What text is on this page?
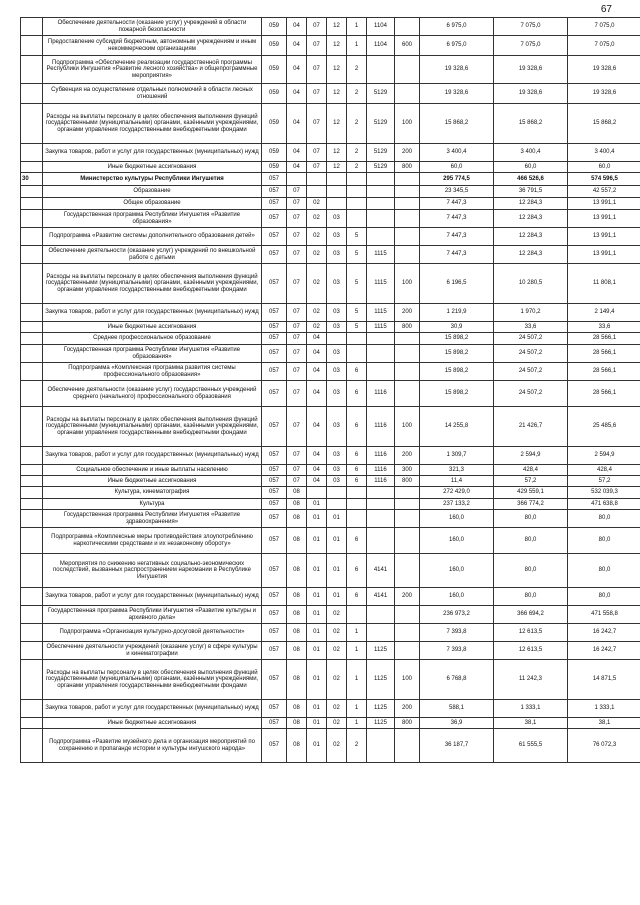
67
	Обеспечение деятельности (оказание услуг) учреждений в области пожарной безопасности	059	04	07	12	1	1104		6 975,0	7 075,0	7 075,0
	Предоставление субсидий бюджетным, автономным учреждениям и иным некоммерческим организациям	059	04	07	12	1	1104	600	6 975,0	7 075,0	7 075,0
	Подпрограмма «Обеспечение реализации государственной программы Республики Ингушетия «Развитие лесного хозяйства» и общепрограммные мероприятия»	059	04	07	12	2			19 328,6	19 328,6	19 328,6
	Субвенция на осуществление отдельных полномочий в области лесных отношений	059	04	07	12	2	5129		19 328,6	19 328,6	19 328,6
	Расходы на выплаты персоналу в целях обеспечения выполнения функций государственными (муниципальными) органами, казёнными учреждениями, органами управления государственными внебюджетными фондами	059	04	07	12	2	5129	100	15 868,2	15 868,2	15 868,2
	Закупка товаров, работ и услуг для государственных (муниципальных) нужд	059	04	07	12	2	5129	200	3 400,4	3 400,4	3 400,4
	Иные бюджетные ассигнования	059	04	07	12	2	5129	800	60,0	60,0	60,0
30	Министерство культуры Республики Ингушетия	057							295 774,5	466 526,6	574 596,5
	Образование	057	07						23 345,5	36 791,5	42 557,2
	Общее образование	057	07	02					7 447,3	12 284,3	13 991,1
	Государственная программа Республики Ингушетия «Развитие образования»	057	07	02	03				7 447,3	12 284,3	13 991,1
	Подпрограмма «Развитие системы дополнительного образования детей»	057	07	02	03	5			7 447,3	12 284,3	13 991,1
	Обеспечение деятельности (оказание услуг) учреждений по внешкольной работе с детьми	057	07	02	03	5	1115		7 447,3	12 284,3	13 991,1
	Расходы на выплаты персоналу в целях обеспечения выполнения функций государственными (муниципальными) органами, казёнными учреждениями, органами управления государственными внебюджетными фондами	057	07	02	03	5	1115	100	6 196,5	10 280,5	11 808,1
	Закупка товаров, работ и услуг для государственных (муниципальных) нужд	057	07	02	03	5	1115	200	1 219,9	1 970,2	2 149,4
	Иные бюджетные ассигнования	057	07	02	03	5	1115	800	30,9	33,6	33,6
	Среднее профессиональное образование	057	07	04					15 898,2	24 507,2	28 566,1
	Государственная программа Республики Ингушетия «Развитие образования»	057	07	04	03				15 898,2	24 507,2	28 566,1
	Подпрограмма «Комплексная программа развития системы профессионального образования»	057	07	04	03	6			15 898,2	24 507,2	28 566,1
	Обеспечение деятельности (оказание услуг) государственных учреждений среднего (начального) профессионального образования	057	07	04	03	6	1116		15 898,2	24 507,2	28 566,1
	Расходы на выплаты персоналу в целях обеспечения выполнения функций государственными (муниципальными) органами, казёнными учреждениями, органами управления государственными внебюджетными фондами	057	07	04	03	6	1116	100	14 255,8	21 426,7	25 485,6
	Закупка товаров, работ и услуг для государственных (муниципальных) нужд	057	07	04	03	6	1116	200	1 309,7	2 594,9	2 594,9
	Социальное обеспечение и иные выплаты населению	057	07	04	03	6	1116	300	321,3	428,4	428,4
	Иные бюджетные ассигнования	057	07	04	03	6	1116	800	11,4	57,2	57,2
	Культура, кинематография	057	08						272 429,0	429 559,1	532 039,3
	Культура	057	08	01					237 133,2	366 774,2	471 638,8
	Государственная программа Республики Ингушетия «Развитие здравоохранения»	057	08	01	01				160,0	80,0	80,0
	Подпрограмма «Комплексные меры противодействия злоупотреблению наркотическими средствами и их незаконному обороту»	057	08	01	01	6			160,0	80,0	80,0
	Мероприятия по снижению негативных социально-экономических последствий, вызванных распространением наркомании в Республике Ингушетия	057	08	01	01	6	4141		160,0	80,0	80,0
	Закупка товаров, работ и услуг для государственных (муниципальных) нужд	057	08	01	01	6	4141	200	160,0	80,0	80,0
	Государственная программа Республики Ингушетия «Развитие культуры и архивного дела»	057	08	01	02				236 973,2	366 694,2	471 558,8
	Подпрограмма «Организация культурно-досуговой деятельности»	057	08	01	02	1			7 393,8	12 613,5	16 242,7
	Обеспечение деятельности учреждений (оказание услуг) в сфере культуры и кинематографии	057	08	01	02	1	1125		7 393,8	12 613,5	16 242,7
	Расходы на выплаты персоналу в целях обеспечения выполнения функций государственными (муниципальными) органами, казёнными учреждениями, органами управления государственными внебюджетными фондами	057	08	01	02	1	1125	100	6 768,8	11 242,3	14 871,5
	Закупка товаров, работ и услуг для государственных (муниципальных) нужд	057	08	01	02	1	1125	200	588,1	1 333,1	1 333,1
	Иные бюджетные ассигнования	057	08	01	02	1	1125	800	36,9	38,1	38,1
	Подпрограмма «Развитие музейного дела и организация мероприятий по сохранению и пропаганде истории и культуры ингушского народа»	057	08	01	02	2			36 187,7	61 555,5	76 072,3
